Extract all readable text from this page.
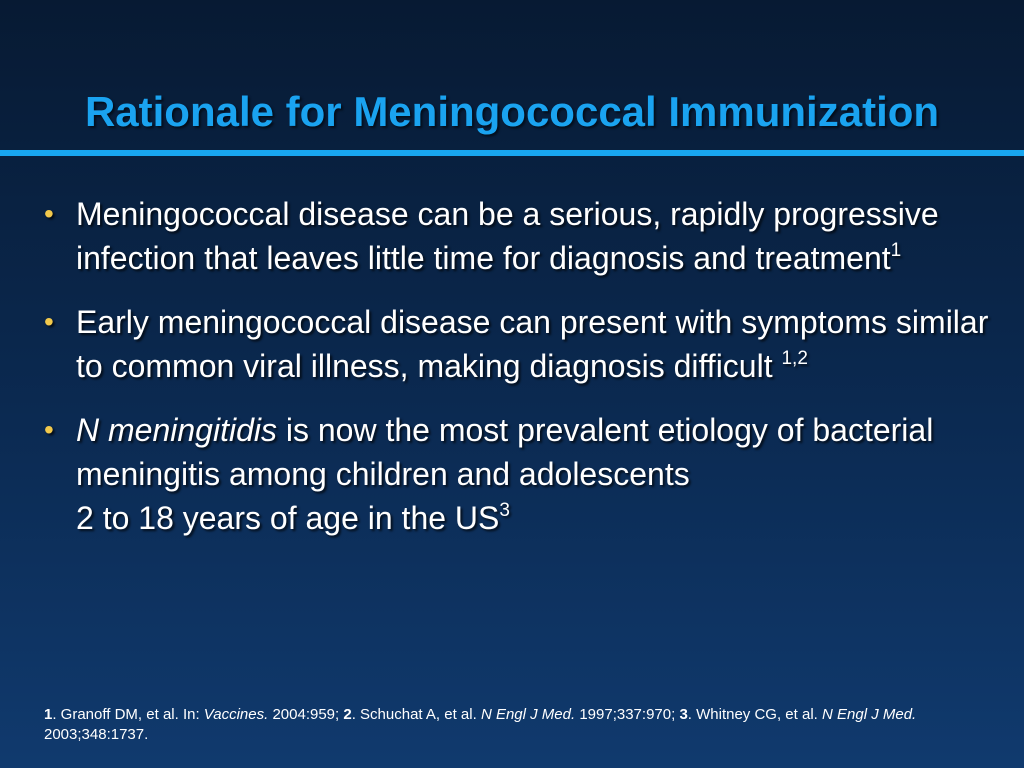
Rationale for Meningococcal Immunization
• Meningococcal disease can be a serious, rapidly progressive infection that leaves little time for diagnosis and treatment$^1$
• Early meningococcal disease can present with symptoms similar to common viral illness, making diagnosis difficult $^{1,2}$
• N meningitidis is now the most prevalent etiology of bacterial meningitis among children and adolescents
2 to 18 years of age in the $US^3$
1. Granoff DM, et al. In: Vaccines. 2004:959; 2. Schuchat A, et al. N Engl J Med. 1997;337:970; 3. Whitney CG, et al. N Engl J Med. 2003;348:1737.
